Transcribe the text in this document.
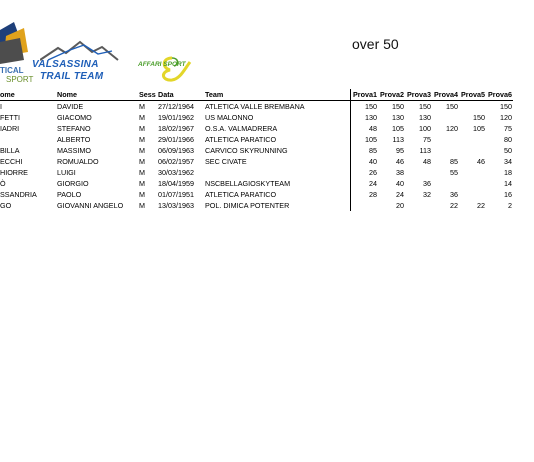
TICAL
SPORT
VALSASSINA
TRAIL TEAM
AFFARI SPORT
over 50
ome	Nome	Sess	Data	Team	Prova1	Prova2	Prova3	Prova4	Prova5	Prova6
I	DAVIDE	M	27/12/1964	ATLETICA VALLE BREMBANA	150	150	150	150		150
FETTI	GIACOMO	M	19/01/1962	US MALONNO	130	130	130		150	120
IADRI	STEFANO	M	18/02/1967	O.S.A. VALMADRERA	48	105	100	120	105	75
	ALBERTO	M	29/01/1966	ATLETICA PARATICO	105	113	75			80
BILLA	MASSIMO	M	06/09/1963	CARVICO SKYRUNNING	85	95	113			50
ECCHI	ROMUALDO	M	06/02/1957	SEC CIVATE	40	46	48	85	46	34
HIORRE	LUIGI	M	30/03/1962		26	38		55		18
Ò	GIORGIO	M	18/04/1959	NSCBELLAGIOSKYTEAM	24	40	36			14
SSANDRIA	PAOLO	M	01/07/1951	ATLETICA PARATICO	28	24	32	36		16
GO	GIOVANNI ANGELO	M	13/03/1963	POL. DIMICA POTENTER		20		22	22	2
